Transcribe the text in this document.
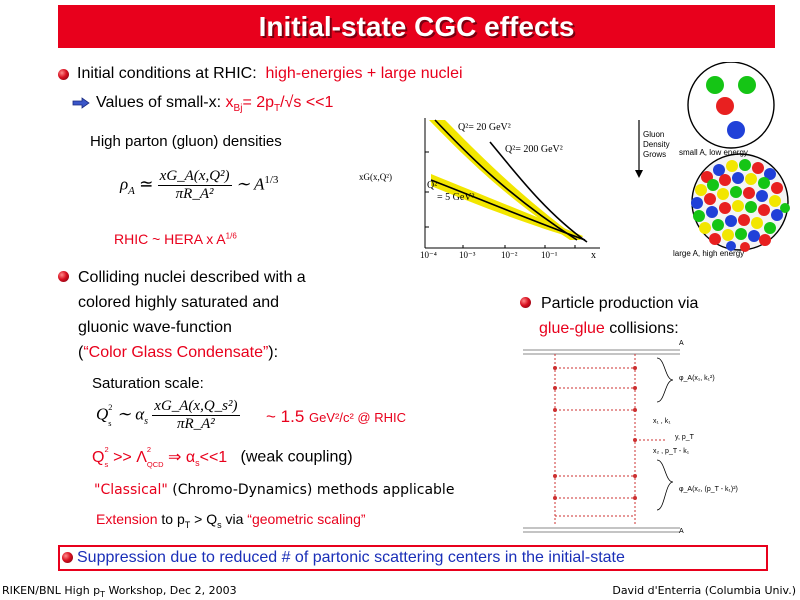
Initial-state CGC effects
Initial conditions at RHIC: high-energies + large nuclei
Values of small-x: $x_{Bj}= 2p_T/√s <<1$
High parton (gluon) densities
$\rho_A$ ≃ $\frac{\text{xG\_A(x,Q²)}}{\text{πR\_A²}}$ ∼ $A^{1/3}$
RHIC ~ HERA x $A^{1/6}$
xG(x,Q²)
Q²= 20 GeV²
Q²= 200 GeV²
Q²
= 5 GeV²
10⁻⁴ 10⁻³	10⁻²	10⁻¹	x
Gluon
Density
Grows	small A, low energy
large A, high energy
Colliding nuclei described with a
colored highly saturated and
gluonic wave-function
(“Color Glass Condensate”):
Particle production via
glue-glue collisions:
Saturation scale:
$Q^2$
$_s$ ∼ $\alpha_s \frac{\text{xG\_A(x,Q\_s²)}}{\text{πR\_A²}}$ ~ 1.5 GeV²/c² @ RHIC
$Q^2$
$_s >> \Lambda^2$
$_{QCD}$ ⇒ $\alpha_s<<1$ (weak coupling)
"Classical" (Chromo-Dynamics) methods applicable
Extension to $p_T > Q_s$ via “geometric scaling”
A
φ_A(x₁, k₁²)
x₁ , k₁
y, p_T
x₂ , p_T - k₁
φ_A(x₂, (p_T - k₁)²)
A
Suppression due to reduced # of partonic scattering centers in the initial-state
RIKEN/BNL High $p_T$ Workshop, Dec 2, 2003	David d'Enterria (Columbia Univ.)
